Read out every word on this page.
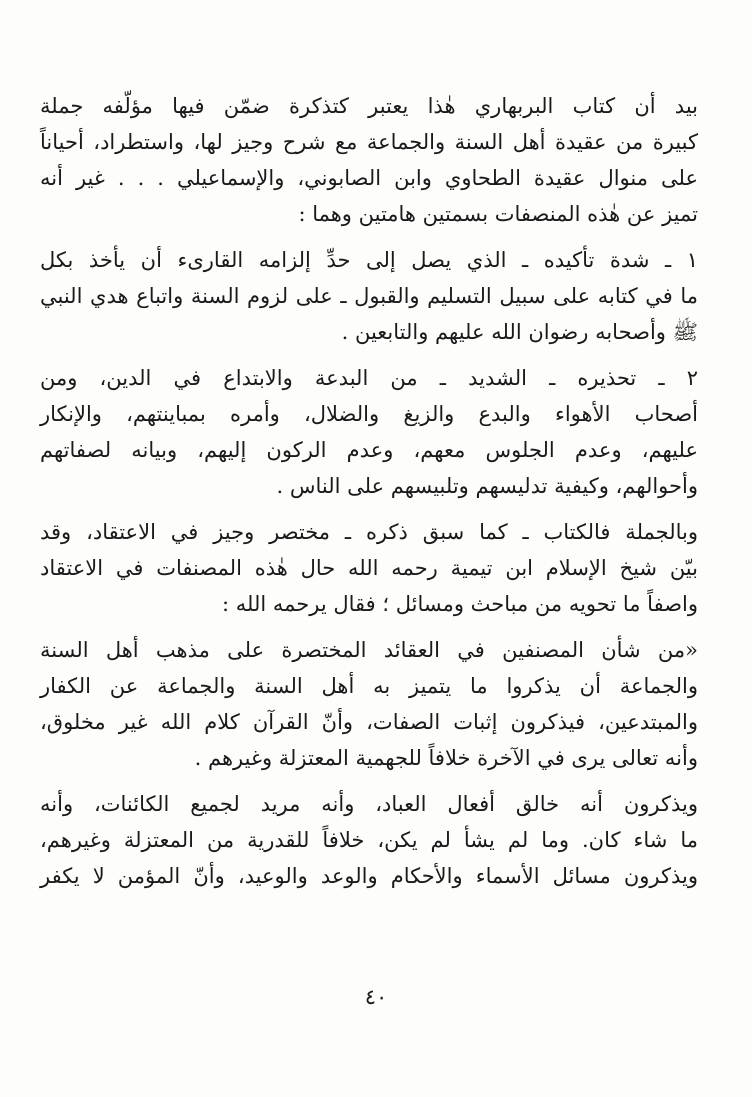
بيد أن كتاب البربهاري هٰذا يعتبر كتذكرة ضمّن فيها مؤلّفه جملة
كبيرة من عقيدة أهل السنة والجماعة مع شرح وجيز لها، واستطراد، أحياناً
على منوال عقيدة الطحاوي وابن الصابوني، والإسماعيلي . . . غير أنه
تميز عن هٰذه المنصفات بسمتين هامتين وهما :
١ ـ شدة تأكيده ـ الذي يصل إلى حدِّ إلزامه القارىء أن يأخذ بكل
ما في كتابه على سبيل التسليم والقبول ـ على لزوم السنة واتباع هدي النبي
ﷺ وأصحابه رضوان الله عليهم والتابعين .
٢ ـ تحذيره ـ الشديد ـ من البدعة والابتداع في الدين، ومن
أصحاب الأهواء والبدع والزيغ والضلال، وأمره بمباينتهم، والإنكار
عليهم، وعدم الجلوس معهم، وعدم الركون إليهم، وبيانه لصفاتهم
وأحوالهم، وكيفية تدليسهم وتلبيسهم على الناس .
وبالجملة فالكتاب ـ كما سبق ذكره ـ مختصر وجيز في الاعتقاد، وقد
بيّن شيخ الإسلام ابن تيمية رحمه الله حال هٰذه المصنفات في الاعتقاد
واصفاً ما تحويه من مباحث ومسائل ؛ فقال يرحمه الله :
«من شأن المصنفين في العقائد المختصرة على مذهب أهل السنة
والجماعة أن يذكروا ما يتميز به أهل السنة والجماعة عن الكفار
والمبتدعين، فيذكرون إثبات الصفات، وأنّ القرآن كلام الله غير مخلوق،
وأنه تعالى يرى في الآخرة خلافاً للجهمية المعتزلة وغيرهم .
ويذكرون أنه خالق أفعال العباد، وأنه مريد لجميع الكائنات، وأنه
ما شاء كان. وما لم يشأ لم يكن، خلافاً للقدرية من المعتزلة وغيرهم،
ويذكرون مسائل الأسماء والأحكام والوعد والوعيد، وأنّ المؤمن لا يكفر
٤٠
